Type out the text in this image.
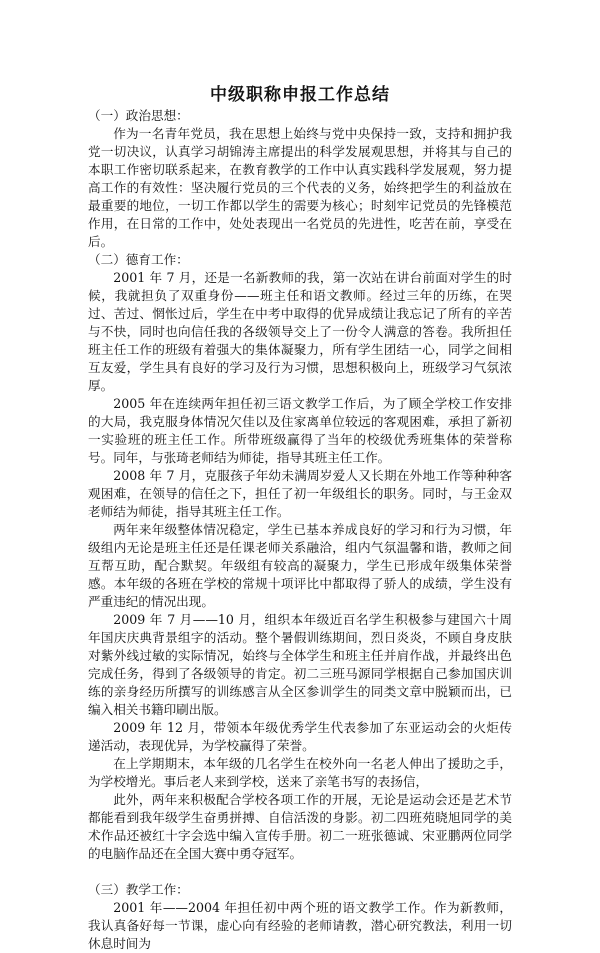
中级职称申报工作总结

（一）政治思想：

作为一名青年党员，我在思想上始终与党中央保持一致，支持和拥护我党一切决议，认真学习胡锦涛主席提出的科学发展观思想，并将其与自己的本职工作密切联系起来，在教育教学的工作中认真实践科学发展观，努力提高工作的有效性：坚决履行党员的三个代表的义务，始终把学生的利益放在最重要的地位，一切工作都以学生的需要为核心；时刻牢记党员的先锋模范作用，在日常的工作中，处处表现出一名党员的先进性，吃苦在前，享受在后。

（二）德育工作：

2001 年 7 月，还是一名新教师的我，第一次站在讲台前面对学生的时候，我就担负了双重身份——班主任和语文教师。经过三年的历练，在哭过、苦过、惘怅过后，学生在中考中取得的优异成绩让我忘记了所有的辛苦与不快，同时也向信任我的各级领导交上了一份令人满意的答卷。我所担任班主任工作的班级有着强大的集体凝聚力，所有学生团结一心，同学之间相互友爱，学生具有良好的学习及行为习惯，思想积极向上，班级学习气氛浓厚。

2005 年在连续两年担任初三语文教学工作后，为了顾全学校工作安排的大局，我克服身体情况欠佳以及住家离单位较远的客观困难，承担了新初一实验班的班主任工作。所带班级赢得了当年的校级优秀班集体的荣誉称号。同年，与张琦老师结为师徒，指导其班主任工作。

2008 年 7 月，克服孩子年幼未满周岁爱人又长期在外地工作等种种客观困难，在领导的信任之下，担任了初一年级组长的职务。同时，与王金双老师结为师徒，指导其班主任工作。

两年来年级整体情况稳定，学生已基本养成良好的学习和行为习惯，年级组内无论是班主任还是任课老师关系融洽，组内气氛温馨和谐，教师之间互帮互助，配合默契。年级组有较高的凝聚力，学生已形成年级集体荣誉感。本年级的各班在学校的常规十项评比中都取得了骄人的成绩，学生没有严重违纪的情况出现。

2009 年 7 月——10 月，组织本年级近百名学生积极参与建国六十周年国庆庆典背景组字的活动。整个暑假训练期间，烈日炎炎，不顾自身皮肤对紫外线过敏的实际情况，始终与全体学生和班主任并肩作战，并最终出色完成任务，得到了各级领导的肯定。初二三班马源同学根据自己参加国庆训练的亲身经历所撰写的训练感言从全区参训学生的同类文章中脱颖而出，已编入相关书籍印刷出版。

2009 年 12 月，带领本年级优秀学生代表参加了东亚运动会的火炬传递活动，表现优异，为学校赢得了荣誉。

在上学期期末，本年级的几名学生在校外向一名老人伸出了援助之手，为学校增光。事后老人来到学校，送来了亲笔书写的表扬信，

此外，两年来积极配合学校各项工作的开展，无论是运动会还是艺术节都能看到我年级学生奋勇拼搏、自信活泼的身影。初二四班苑晓旭同学的美术作品还被红十字会选中编入宣传手册。初二一班张德诚、宋亚鹏两位同学的电脑作品还在全国大赛中勇夺冠军。

（三）教学工作：

2001 年——2004 年担任初中两个班的语文教学工作。作为新教师，我认真备好每一节课，虚心向有经验的老师请教，潜心研究教法，利用一切休息时间为
